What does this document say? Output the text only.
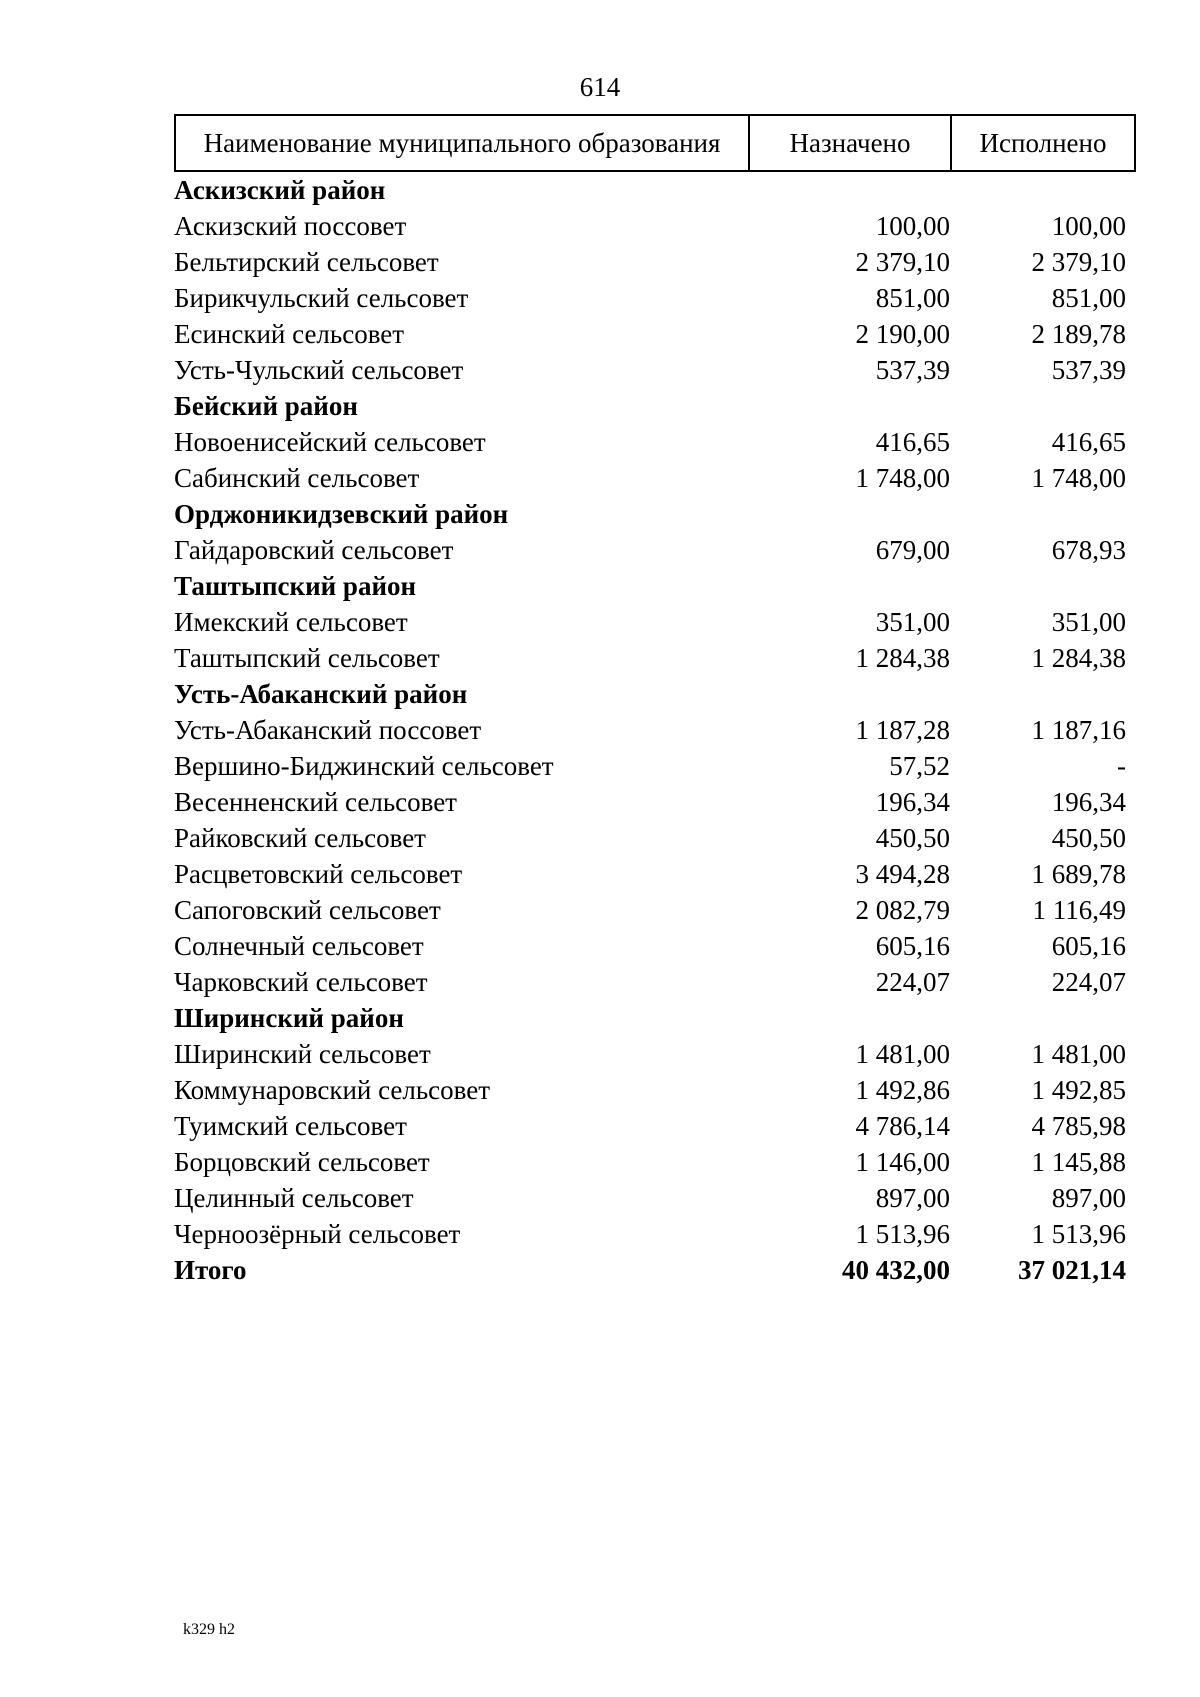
614
Наименование муниципального образования	Назначено	Исполнено
Аскизский район
Аскизский поссовет	100,00	100,00
Бельтирский сельсовет	2 379,10	2 379,10
Бирикчульский сельсовет	851,00	851,00
Есинский сельсовет	2 190,00	2 189,78
Усть-Чульский сельсовет	537,39	537,39
Бейский район
Новоенисейский сельсовет	416,65	416,65
Сабинский сельсовет	1 748,00	1 748,00
Орджоникидзевский район
Гайдаровский сельсовет	679,00	678,93
Таштыпский район
Имекский сельсовет	351,00	351,00
Таштыпский сельсовет	1 284,38	1 284,38
Усть-Абаканский район
Усть-Абаканский поссовет	1 187,28	1 187,16
Вершино-Биджинский сельсовет	57,52	-
Весенненский сельсовет	196,34	196,34
Райковский сельсовет	450,50	450,50
Расцветовский сельсовет	3 494,28	1 689,78
Сапоговский сельсовет	2 082,79	1 116,49
Солнечный сельсовет	605,16	605,16
Чарковский сельсовет	224,07	224,07
Ширинский район
Ширинский сельсовет	1 481,00	1 481,00
Коммунаровский сельсовет	1 492,86	1 492,85
Туимский сельсовет	4 786,14	4 785,98
Борцовский сельсовет	1 146,00	1 145,88
Целинный сельсовет	897,00	897,00
Черноозёрный сельсовет	1 513,96	1 513,96
Итого	40 432,00	37 021,14
k329 h2
